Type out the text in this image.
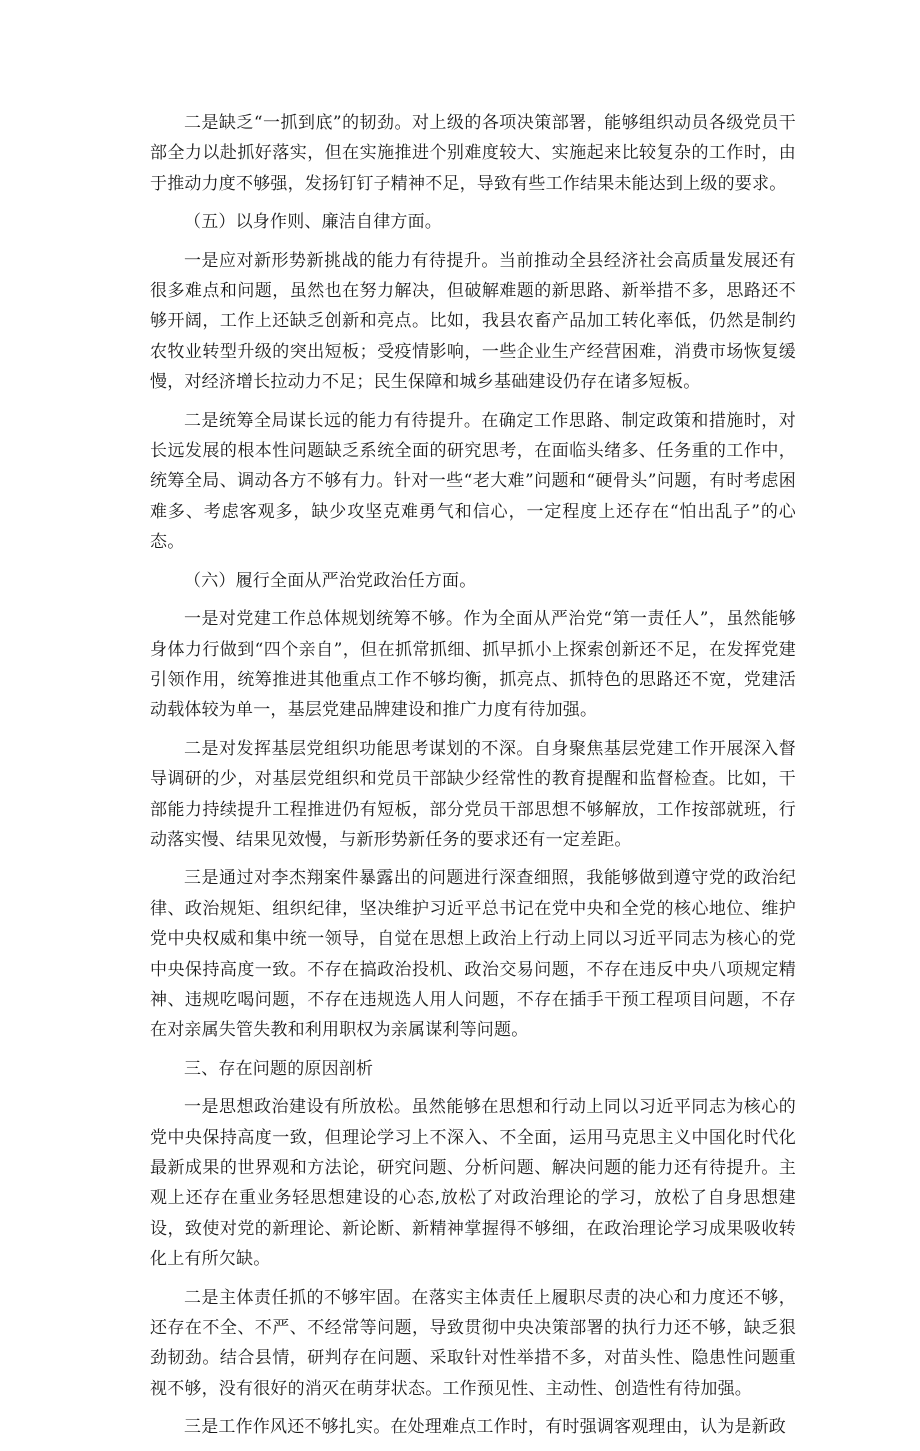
二是缺乏“一抓到底”的韧劲。对上级的各项决策部署，能够组织动员各级党员干部全力以赴抓好落实，但在实施推进个别难度较大、实施起来比较复杂的工作时，由于推动力度不够强，发扬钉钉子精神不足，导致有些工作结果未能达到上级的要求。

（五）以身作则、廉洁自律方面。

一是应对新形势新挑战的能力有待提升。当前推动全县经济社会高质量发展还有很多难点和问题，虽然也在努力解决，但破解难题的新思路、新举措不多，思路还不够开阔，工作上还缺乏创新和亮点。比如，我县农畜产品加工转化率低，仍然是制约农牧业转型升级的突出短板；受疫情影响，一些企业生产经营困难，消费市场恢复缓慢，对经济增长拉动力不足；民生保障和城乡基础建设仍存在诸多短板。

二是统筹全局谋长远的能力有待提升。在确定工作思路、制定政策和措施时，对长远发展的根本性问题缺乏系统全面的研究思考，在面临头绪多、任务重的工作中，统筹全局、调动各方不够有力。针对一些“老大难”问题和“硬骨头”问题，有时考虑困难多、考虑客观多，缺少攻坚克难勇气和信心，一定程度上还存在“怕出乱子”的心态。

（六）履行全面从严治党政治任方面。

一是对党建工作总体规划统筹不够。作为全面从严治党“第一责任人”，虽然能够身体力行做到“四个亲自”，但在抓常抓细、抓早抓小上探索创新还不足，在发挥党建引领作用，统筹推进其他重点工作不够均衡，抓亮点、抓特色的思路还不宽，党建活动载体较为单一，基层党建品牌建设和推广力度有待加强。

二是对发挥基层党组织功能思考谋划的不深。自身聚焦基层党建工作开展深入督导调研的少，对基层党组织和党员干部缺少经常性的教育提醒和监督检查。比如，干部能力持续提升工程推进仍有短板，部分党员干部思想不够解放，工作按部就班，行动落实慢、结果见效慢，与新形势新任务的要求还有一定差距。

三是通过对李杰翔案件暴露出的问题进行深查细照，我能够做到遵守党的政治纪律、政治规矩、组织纪律，坚决维护习近平总书记在党中央和全党的核心地位、维护党中央权威和集中统一领导，自觉在思想上政治上行动上同以习近平同志为核心的党中央保持高度一致。不存在搞政治投机、政治交易问题，不存在违反中央八项规定精神、违规吃喝问题，不存在违规选人用人问题，不存在插手干预工程项目问题，不存在对亲属失管失教和利用职权为亲属谋利等问题。

三、存在问题的原因剖析

一是思想政治建设有所放松。虽然能够在思想和行动上同以习近平同志为核心的党中央保持高度一致，但理论学习上不深入、不全面，运用马克思主义中国化时代化最新成果的世界观和方法论，研究问题、分析问题、解决问题的能力还有待提升。主观上还存在重业务轻思想建设的心态,放松了对政治理论的学习，放松了自身思想建设，致使对党的新理论、新论断、新精神掌握得不够细，在政治理论学习成果吸收转化上有所欠缺。

二是主体责任抓的不够牢固。在落实主体责任上履职尽责的决心和力度还不够，还存在不全、不严、不经常等问题，导致贯彻中央决策部署的执行力还不够，缺乏狠劲韧劲。结合县情，研判存在问题、采取针对性举措不多，对苗头性、隐患性问题重视不够，没有很好的消灭在萌芽状态。工作预见性、主动性、创造性有待加强。

三是工作作风还不够扎实。在处理难点工作时，有时强调客观理由，认为是新政
